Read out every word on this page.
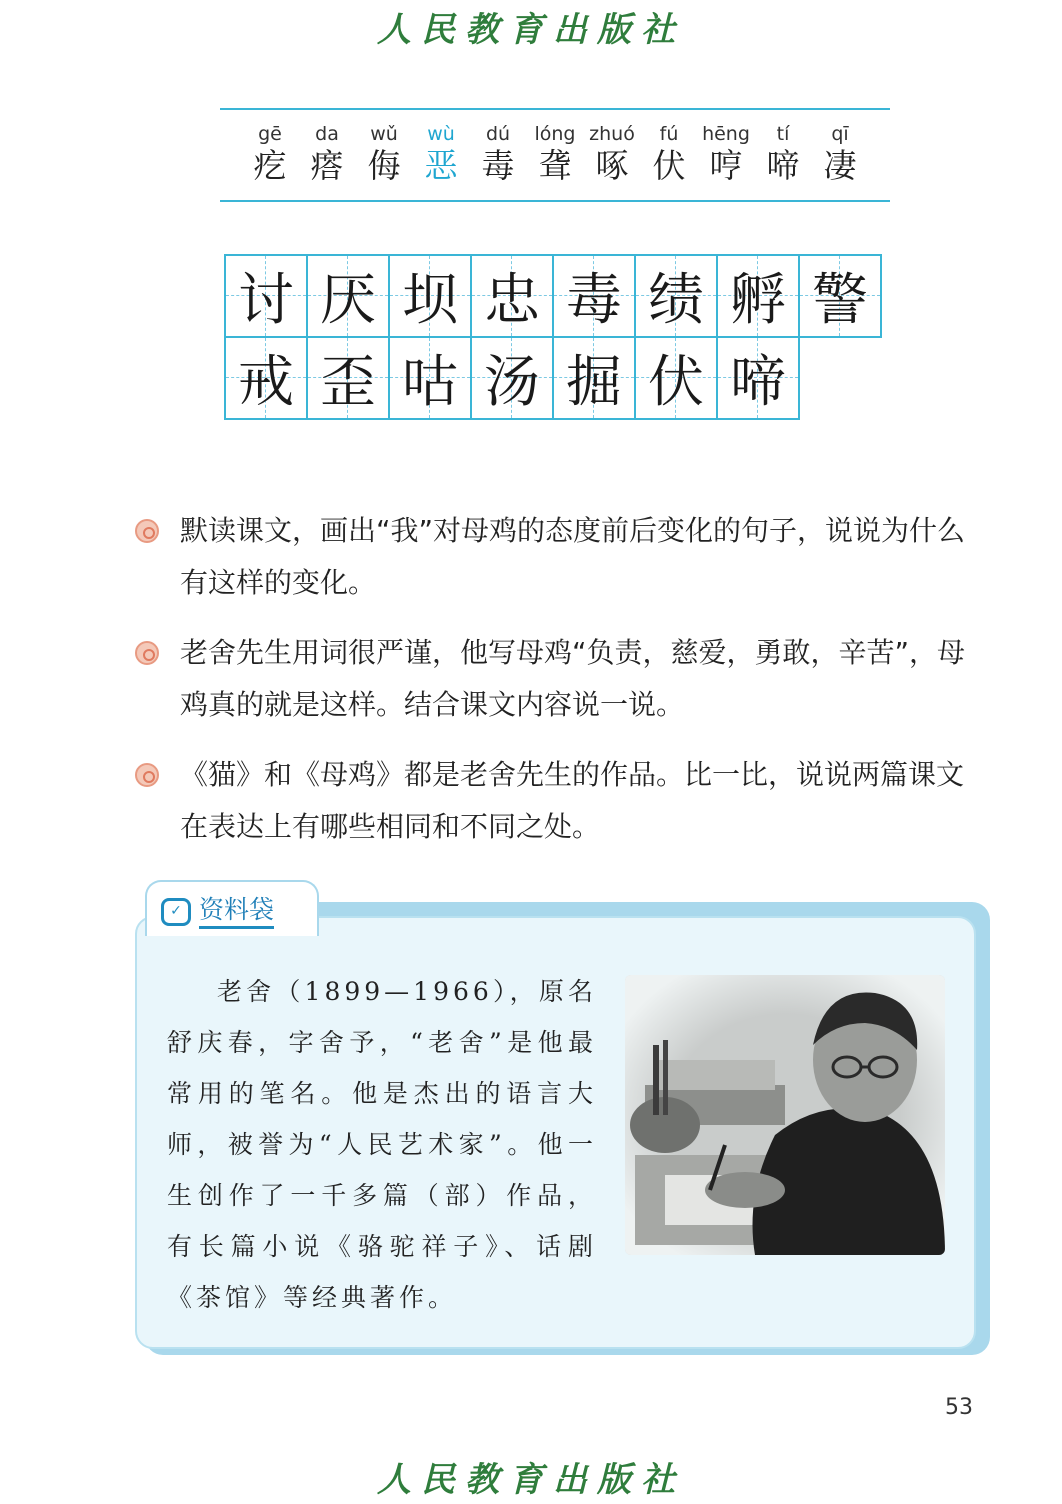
人民教育出版社
gē
疙
da
瘩
wǔ
侮
wù
恶
dú
毒
lóng
聋
zhuó
啄
fú
伏
hēng
哼
tí
啼
qī
凄
讨 厌 坝 忠 毒 绩 孵 警
戒 歪 咕 汤 掘 伏 啼
默读课文，画出“我”对母鸡的态度前后变化的句子，说说为什么有这样的变化。
老舍先生用词很严谨，他写母鸡“负责，慈爱，勇敢，辛苦”，母鸡真的就是这样。结合课文内容说一说。
《猫》和《母鸡》都是老舍先生的作品。比一比，说说两篇课文在表达上有哪些相同和不同之处。
✓ 资料袋

老舍（1899—1966），原名舒庆春，字舍予，“老舍”是他最常用的笔名。他是杰出的语言大师，被誉为“人民艺术家”。他一生创作了一千多篇（部）作品，有长篇小说《骆驼祥子》、话剧《茶馆》等经典著作。

53
人民教育出版社
